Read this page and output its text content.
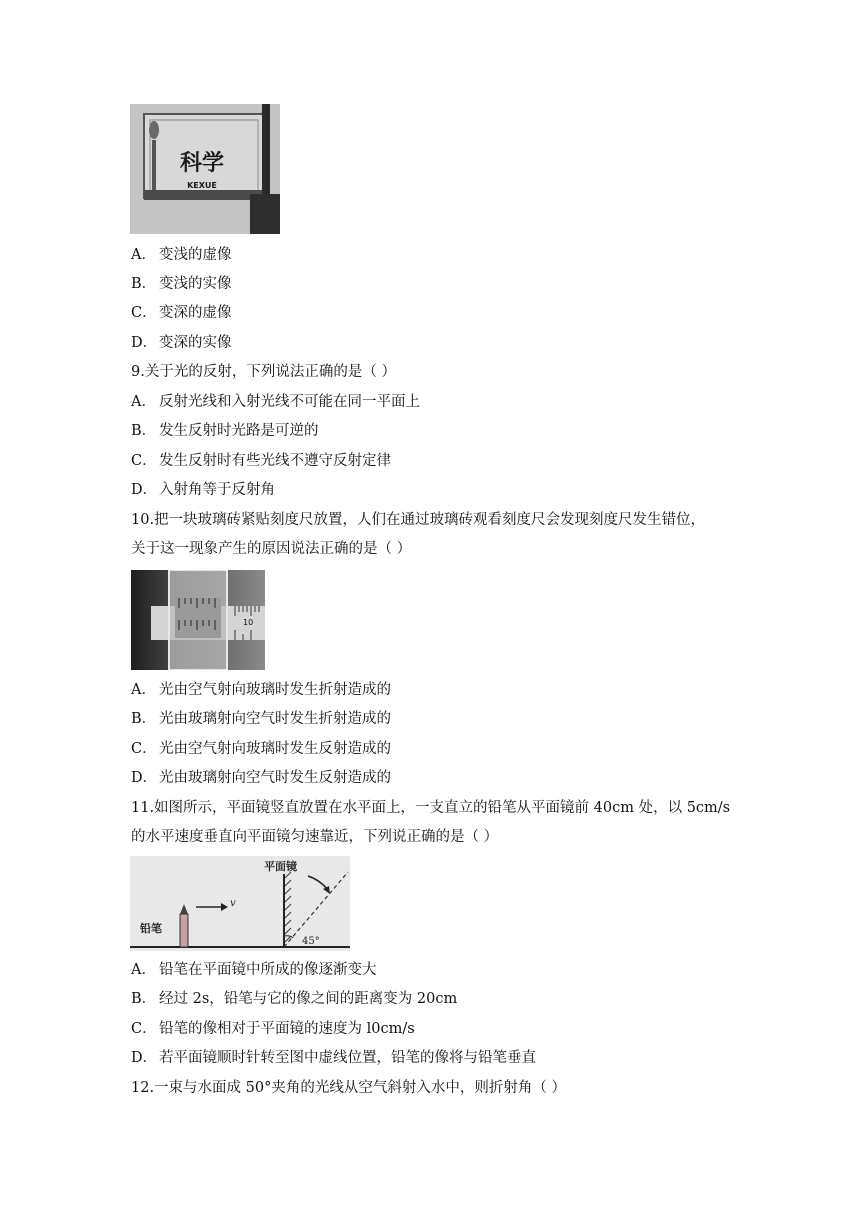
科学
KEXUE
A． 变浅的虚像
B． 变浅的实像
C． 变深的虚像
D． 变深的实像
9.关于光的反射，下列说法正确的是（ ）
A． 反射光线和入射光线不可能在同一平面上
B． 发生反射时光路是可逆的
C． 发生反射时有些光线不遵守反射定律
D． 入射角等于反射角
10.把一块玻璃砖紧贴刻度尺放置，人们在通过玻璃砖观看刻度尺会发现刻度尺发生错位，
关于这一现象产生的原因说法正确的是（ ）
10
A． 光由空气射向玻璃时发生折射造成的
B． 光由玻璃射向空气时发生折射造成的
C． 光由空气射向玻璃时发生反射造成的
D． 光由玻璃射向空气时发生反射造成的
11.如图所示，平面镜竖直放置在水平面上，一支直立的铅笔从平面镜前 40cm 处，以 5cm/s
的水平速度垂直向平面镜匀速靠近，下列说正确的是（ ）
铅笔
v
平面镜
45°
A． 铅笔在平面镜中所成的像逐渐变大
B． 经过 2s，铅笔与它的像之间的距离变为 20cm
C． 铅笔的像相对于平面镜的速度为 l0cm/s
D． 若平面镜顺时针转至图中虚线位置，铅笔的像将与铅笔垂直
12.一束与水面成 50°夹角的光线从空气斜射入水中，则折射角（ ）
